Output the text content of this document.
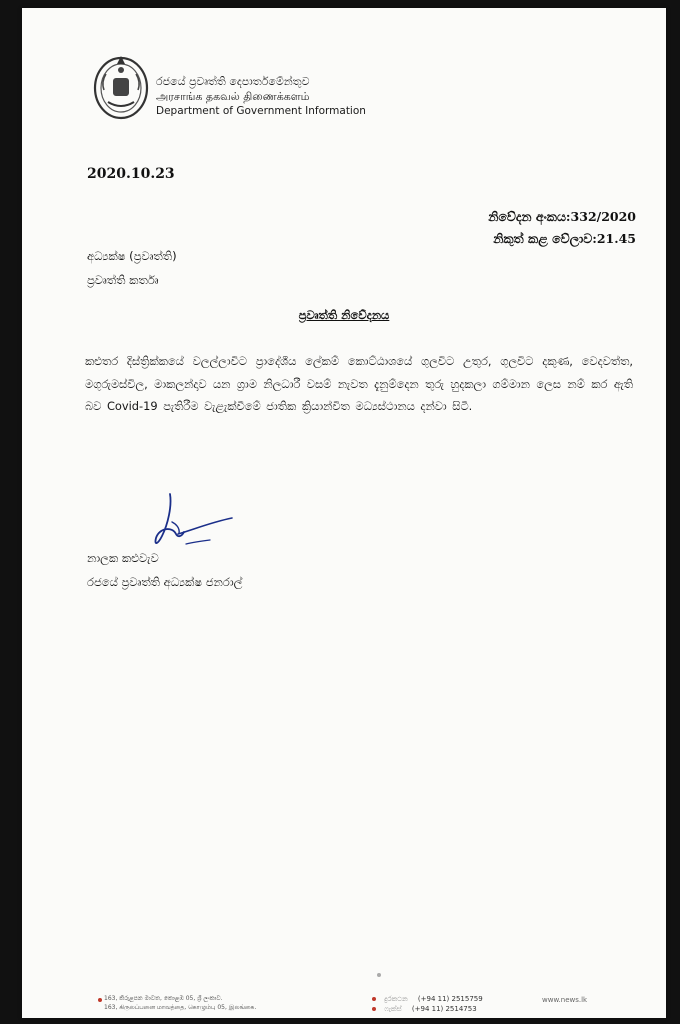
රජයේ ප්‍රවෘත්ති දෙපාර්තමේන්තුව
அரசாங்க தகவல் திணைக்களம்
Department of Government Information
2020.10.23
නිවේදන අංකය:332/2020
නිකුත් කළ වේලාව:21.45
අධ්‍යක්ෂ (ප්‍රවෘත්ති)
ප්‍රවෘත්ති කර්තෘ
ප්‍රවෘත්ති නිවේදනය
කළුතර දිස්ත්‍රික්කයේ වලල්ලාවිට ප්‍රාදේශීය ලේකම් කොට්ඨාශයේ ගුලවිට උතුර, ගුලවිට දකුණ, වෙදවත්ත, මගුරුමස්විල, මාකලන්දාව යන ග්‍රාම නිලධාරී වසම් නැවත දැනුම්දෙන තුරු හුදකලා ගම්මාන ලෙස නම් කර ඇති බව Covid-19 පැතිරීම වැළැක්වීමේ ජාතික ක්‍රියාන්විත මධ්‍යස්ථානය දන්වා සිටී.
නාලක කළුවැව
රජයේ ප්‍රවෘත්ති අධ්‍යක්ෂ ජනරාල්
163, කිරුළපන මාවත, කොළඹ 05, ශ්‍රී ලංකාව.
163, கிருலப்பனை மாவத்தை, கொழும்பு 05, இலங்கை.
දුරකථන (+94 11) 2515759
ෆැක්ස් (+94 11) 2514753
www.news.lk
